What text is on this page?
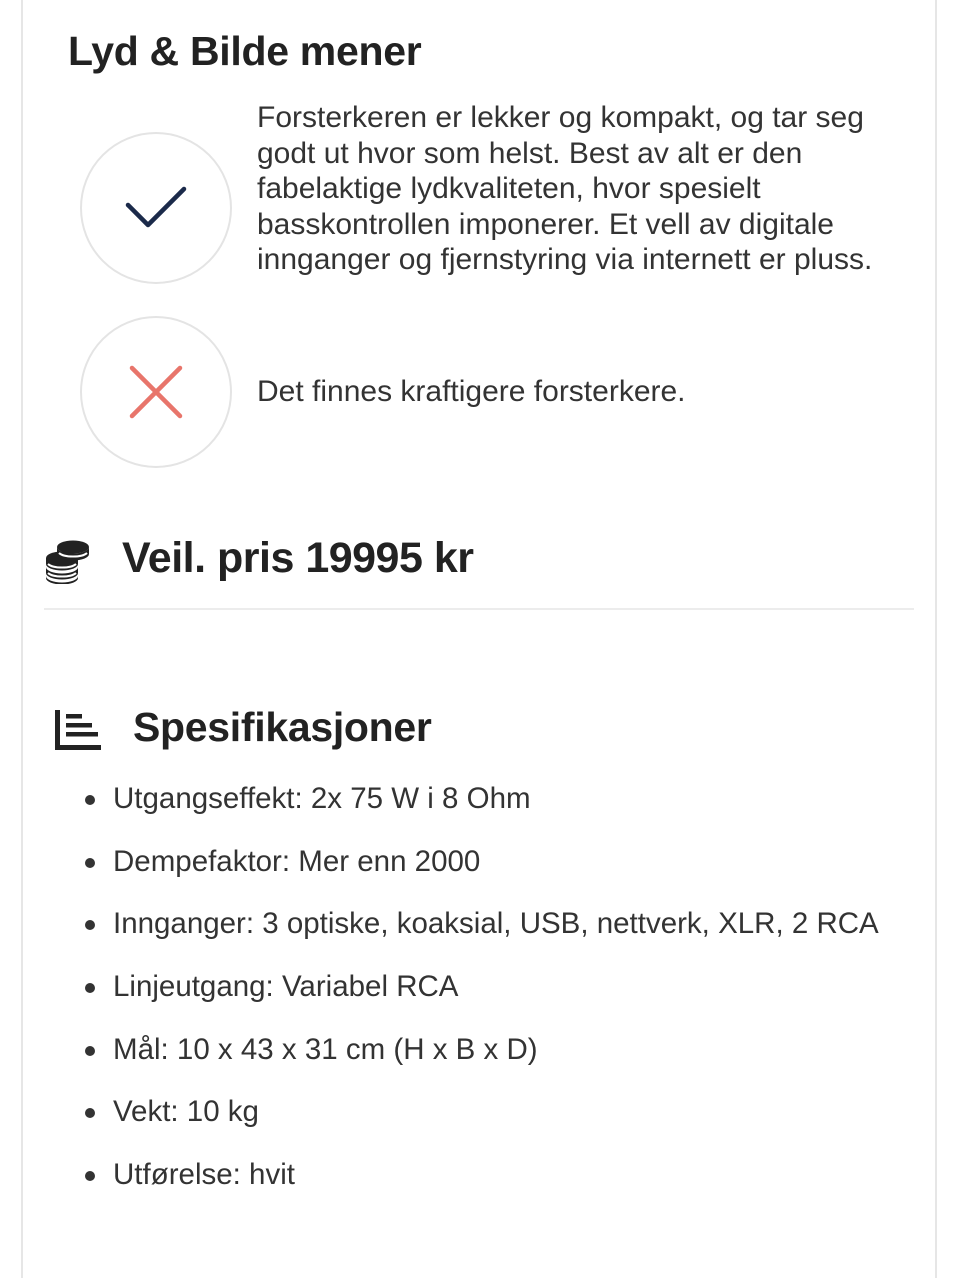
Lyd & Bilde mener

Forsterkeren er lekker og kompakt, og tar seg godt ut hvor som helst. Best av alt er den fabelaktige lydkvaliteten, hvor spesielt basskontrollen imponerer. Et vell av digitale innganger og fjernstyring via internett er pluss.

Det finnes kraftigere forsterkere.

Veil. pris 19995 kr
Spesifikasjoner
Utgangseffekt: 2x 75 W i 8 Ohm
Dempefaktor: Mer enn 2000
Innganger: 3 optiske, koaksial, USB, nettverk, XLR, 2 RCA
Linjeutgang: Variabel RCA
Mål: 10 x 43 x 31 cm (H x B x D)
Vekt: 10 kg
Utførelse: hvit
